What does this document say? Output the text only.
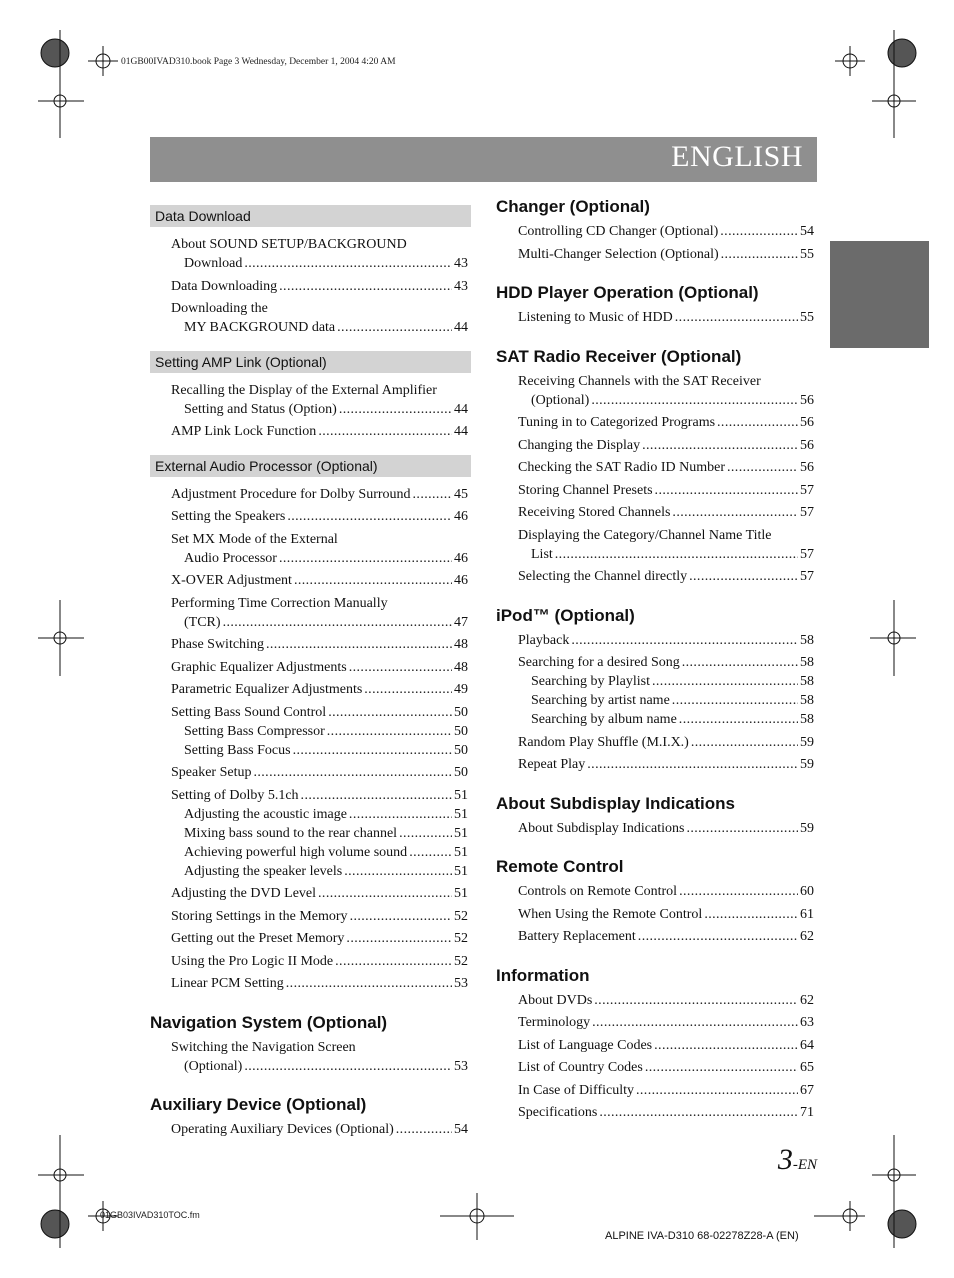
01GB00IVAD310.book Page 3 Wednesday, December 1, 2004 4:20 AM
ENGLISH
Data Download
About SOUND SETUP/BACKGROUND
Download .....	43
Data Downloading .....	43
Downloading the
MY BACKGROUND data .....	44
Setting AMP Link (Optional)
Recalling the Display of the External Amplifier
Setting and Status (Option) .....	44
AMP Link Lock Function .....	44
External Audio Processor (Optional)
Adjustment Procedure for Dolby Surround .....	45
Setting the Speakers .....	46
Set MX Mode of the External
Audio Processor .....	46
X-OVER Adjustment .....	46
Performing Time Correction Manually
(TCR) .....	47
Phase Switching .....	48
Graphic Equalizer Adjustments .....	48
Parametric Equalizer Adjustments .....	49
Setting Bass Sound Control .....	50
Setting Bass Compressor .....	50
Setting Bass Focus .....	50
Speaker Setup .....	50
Setting of Dolby 5.1ch .....	51
Adjusting the acoustic image .....	51
Mixing bass sound to the rear channel .....	51
Achieving powerful high volume sound .....	51
Adjusting the speaker levels .....	51
Adjusting the DVD Level .....	51
Storing Settings in the Memory .....	52
Getting out the Preset Memory .....	52
Using the Pro Logic II Mode .....	52
Linear PCM Setting .....	53
Navigation System (Optional)
Switching the Navigation Screen
(Optional) .....	53
Auxiliary Device (Optional)
Operating Auxiliary Devices (Optional) .....	54
Changer (Optional)
Controlling CD Changer (Optional) .....	54
Multi-Changer Selection (Optional) .....	55
HDD Player Operation (Optional)
Listening to Music of HDD .....	55
SAT Radio Receiver (Optional)
Receiving Channels with the SAT Receiver
(Optional) .....	56
Tuning in to Categorized Programs .....	56
Changing the Display .....	56
Checking the SAT Radio ID Number .....	56
Storing Channel Presets .....	57
Receiving Stored Channels .....	57
Displaying the Category/Channel Name Title
List .....	57
Selecting the Channel directly .....	57
iPod™ (Optional)
Playback .....	58
Searching for a desired Song .....	58
Searching by Playlist .....	58
Searching by artist name .....	58
Searching by album name .....	58
Random Play Shuffle (M.I.X.) .....	59
Repeat Play .....	59
About Subdisplay Indications
About Subdisplay Indications .....	59
Remote Control
Controls on Remote Control .....	60
When Using the Remote Control .....	61
Battery Replacement .....	62
Information
About DVDs .....	62
Terminology .....	63
List of Language Codes .....	64
List of Country Codes .....	65
In Case of Difficulty .....	67
Specifications .....	71
3-EN
01GB03IVAD310TOC.fm
ALPINE IVA-D310 68-02278Z28-A (EN)
